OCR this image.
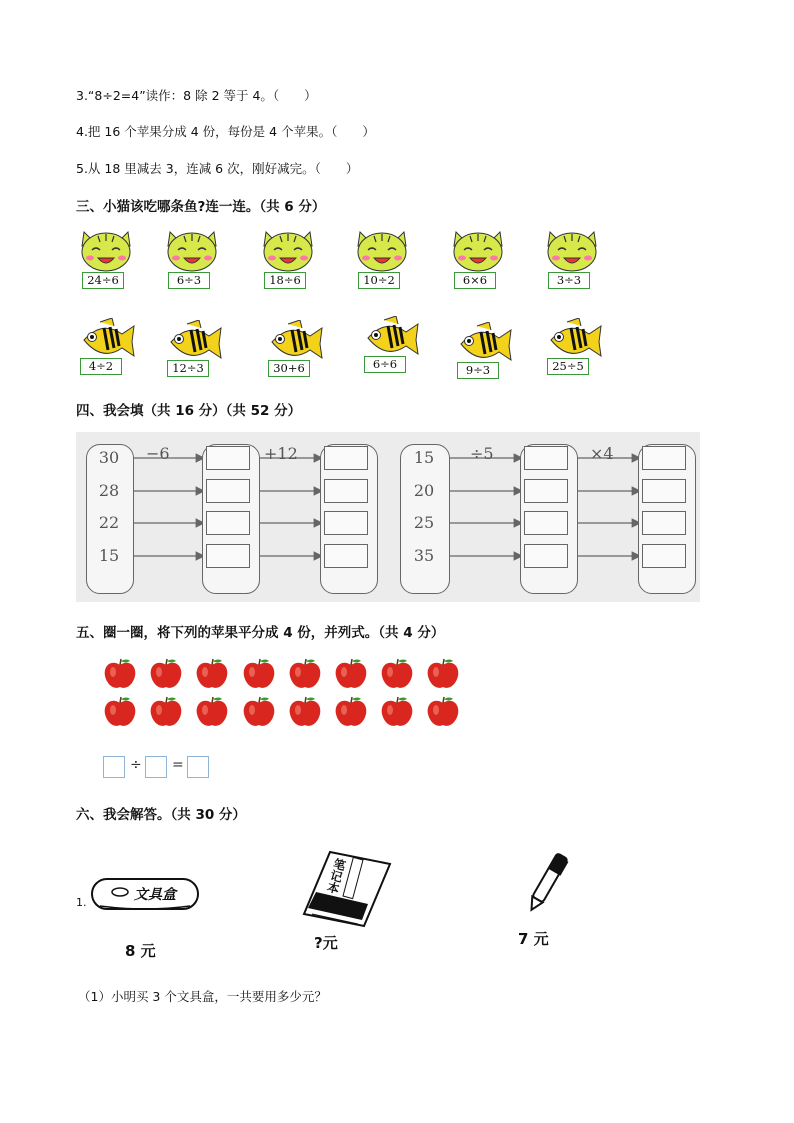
3.“8÷2=4”读作：8 除 2 等于 4。（　　）
4.把 16 个苹果分成 4 份，每份是 4 个苹果。（　　）
5.从 18 里减去 3，连减 6 次，刚好减完。（　　）
三、小猫该吃哪条鱼?连一连。（共 6 分）
24÷6	6÷3	18÷6	10÷2	6×6	3÷3
4÷2	12÷3	30+6	6÷6	9÷3	25÷5
四、我会填（共 16 分）（共 52 分）
−6	+12	÷5	×4
30	15
28	20
22	25
15	35
五、圈一圈，将下列的苹果平分成 4 份，并列式。（共 4 分）
÷ =
六、我会解答。（共 30 分）
1.	文具盒
8 元
笔记本
?元	7 元
（1）小明买 3 个文具盒，一共要用多少元？
